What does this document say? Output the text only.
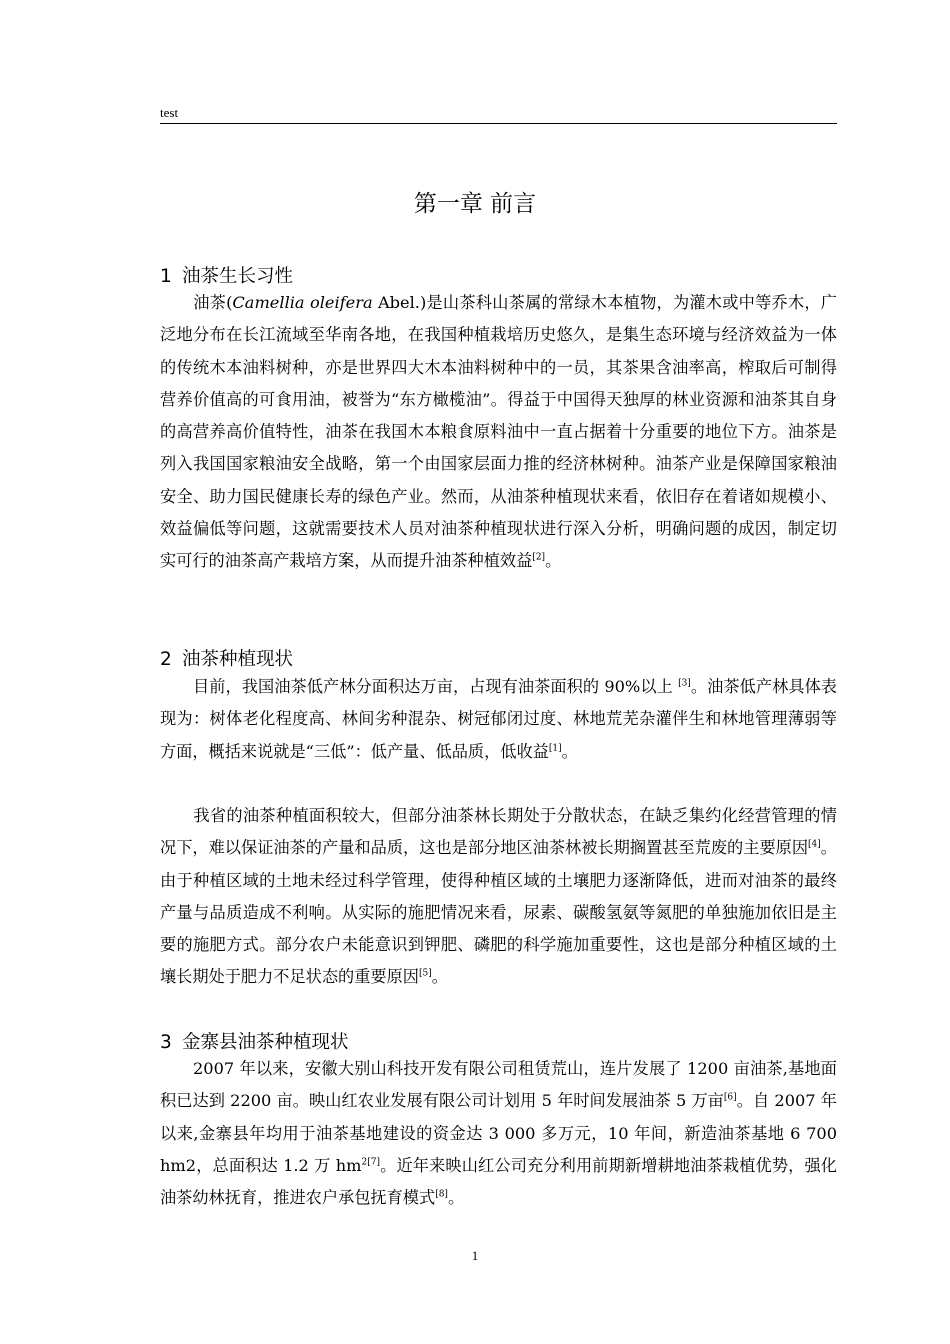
test
第一章 前言
1 油茶生长习性
油茶(Camellia oleifera Abel.)是山茶科山茶属的常绿木本植物，为灌木或中等乔木，广泛地分布在长江流域至华南各地，在我国种植栽培历史悠久，是集生态环境与经济效益为一体的传统木本油料树种，亦是世界四大木本油料树种中的一员，其茶果含油率高，榨取后可制得营养价值高的可食用油，被誉为“东方橄榄油”。得益于中国得天独厚的林业资源和油茶其自身的高营养高价值特性，油茶在我国木本粮食原料油中一直占据着十分重要的地位下方。油茶是列入我国国家粮油安全战略，第一个由国家层面力推的经济林树种。油茶产业是保障国家粮油安全、助力国民健康长寿的绿色产业。然而，从油茶种植现状来看，依旧存在着诸如规模小、效益偏低等问题，这就需要技术人员对油茶种植现状进行深入分析，明确问题的成因，制定切实可行的油茶高产栽培方案，从而提升油茶种植效益[2]。
2 油茶种植现状
目前，我国油茶低产林分面积达万亩，占现有油茶面积的 90%以上 [3]。油茶低产林具体表现为：树体老化程度高、林间劣种混杂、树冠郁闭过度、林地荒芜杂灌伴生和林地管理薄弱等方面，概括来说就是“三低”：低产量、低品质，低收益[1]。
我省的油茶种植面积较大，但部分油茶林长期处于分散状态，在缺乏集约化经营管理的情况下，难以保证油茶的产量和品质，这也是部分地区油茶林被长期搁置甚至荒废的主要原因[4]。由于种植区域的土地未经过科学管理，使得种植区域的土壤肥力逐渐降低，进而对油茶的最终产量与品质造成不利响。从实际的施肥情况来看，尿素、碳酸氢氨等氮肥的单独施加依旧是主要的施肥方式。部分农户未能意识到钾肥、磷肥的科学施加重要性，这也是部分种植区域的土壤长期处于肥力不足状态的重要原因[5]。
3 金寨县油茶种植现状
2007 年以来，安徽大别山科技开发有限公司租赁荒山，连片发展了 1200 亩油茶,基地面积已达到 2200 亩。映山红农业发展有限公司计划用 5 年时间发展油茶 5 万亩[6]。自 2007 年以来,金寨县年均用于油茶基地建设的资金达 3 000 多万元，10 年间，新造油茶基地 6 700 hm2，总面积达 1.2 万 $hm^{2[7]}$。近年来映山红公司充分利用前期新增耕地油茶栽植优势，强化油茶幼林抚育，推进农户承包抚育模式[8]。
1
